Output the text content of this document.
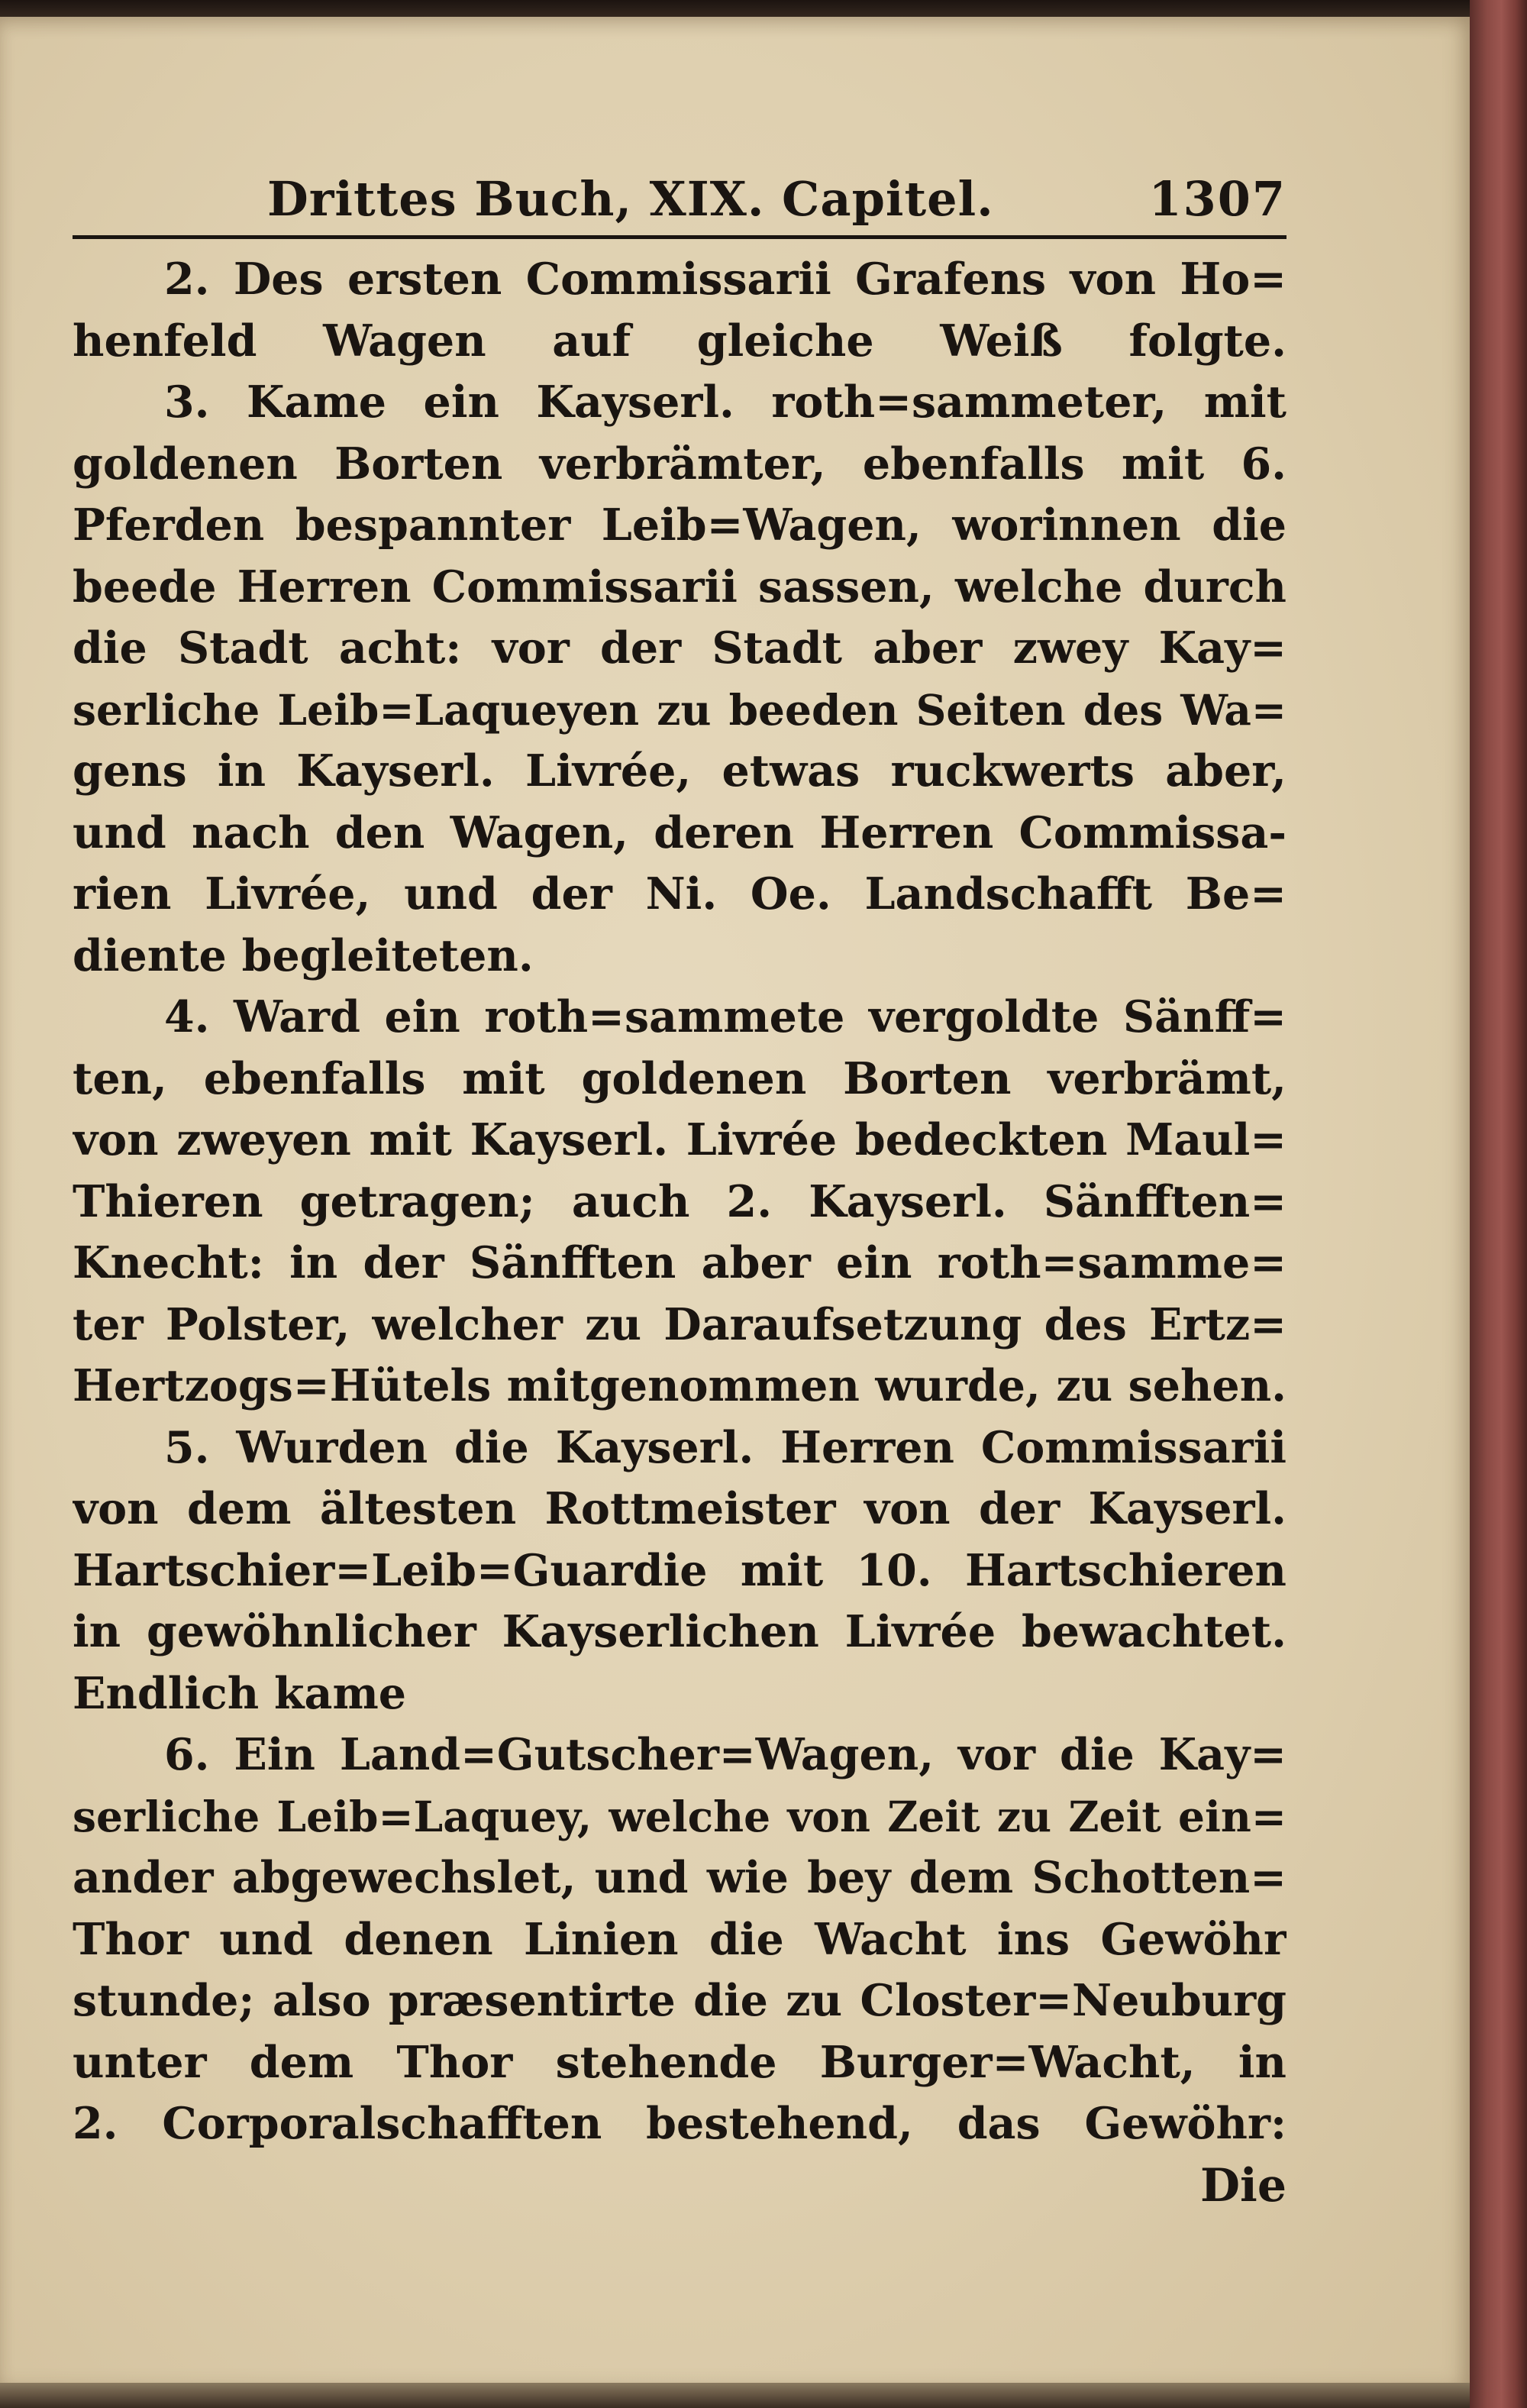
Drittes Buch, XIX. Capitel.	1307
2. Des ersten Commissarii Grafens von Ho=
henfeld Wagen auf gleiche Weiß folgte.
3. Kame ein Kayserl. roth=sammeter, mit
goldenen Borten verbrämter, ebenfalls mit 6.
Pferden bespannter Leib=Wagen, worinnen die
beede Herren Commissarii sassen, welche durch
die Stadt acht: vor der Stadt aber zwey Kay=
serliche Leib=Laqueyen zu beeden Seiten des Wa=
gens in Kayserl. Livrée, etwas ruckwerts aber,
und nach den Wagen, deren Herren Commissa-
rien Livrée, und der Ni. Oe. Landschafft Be=
diente begleiteten.
4. Ward ein roth=sammete vergoldte Sänff=
ten, ebenfalls mit goldenen Borten verbrämt,
von zweyen mit Kayserl. Livrée bedeckten Maul=
Thieren getragen; auch 2. Kayserl. Sänfften=
Knecht: in der Sänfften aber ein roth=samme=
ter Polster, welcher zu Daraufsetzung des Ertz=
Hertzogs=Hütels mitgenommen wurde, zu sehen.
5. Wurden die Kayserl. Herren Commissarii
von dem ältesten Rottmeister von der Kayserl.
Hartschier=Leib=Guardie mit 10. Hartschieren
in gewöhnlicher Kayserlichen Livrée bewachtet.
Endlich kame
6. Ein Land=Gutscher=Wagen, vor die Kay=
serliche Leib=Laquey, welche von Zeit zu Zeit ein=
ander abgewechslet, und wie bey dem Schotten=
Thor und denen Linien die Wacht ins Gewöhr
stunde; also præsentirte die zu Closter=Neuburg
unter dem Thor stehende Burger=Wacht, in
2. Corporalschafften bestehend, das Gewöhr:
Die
